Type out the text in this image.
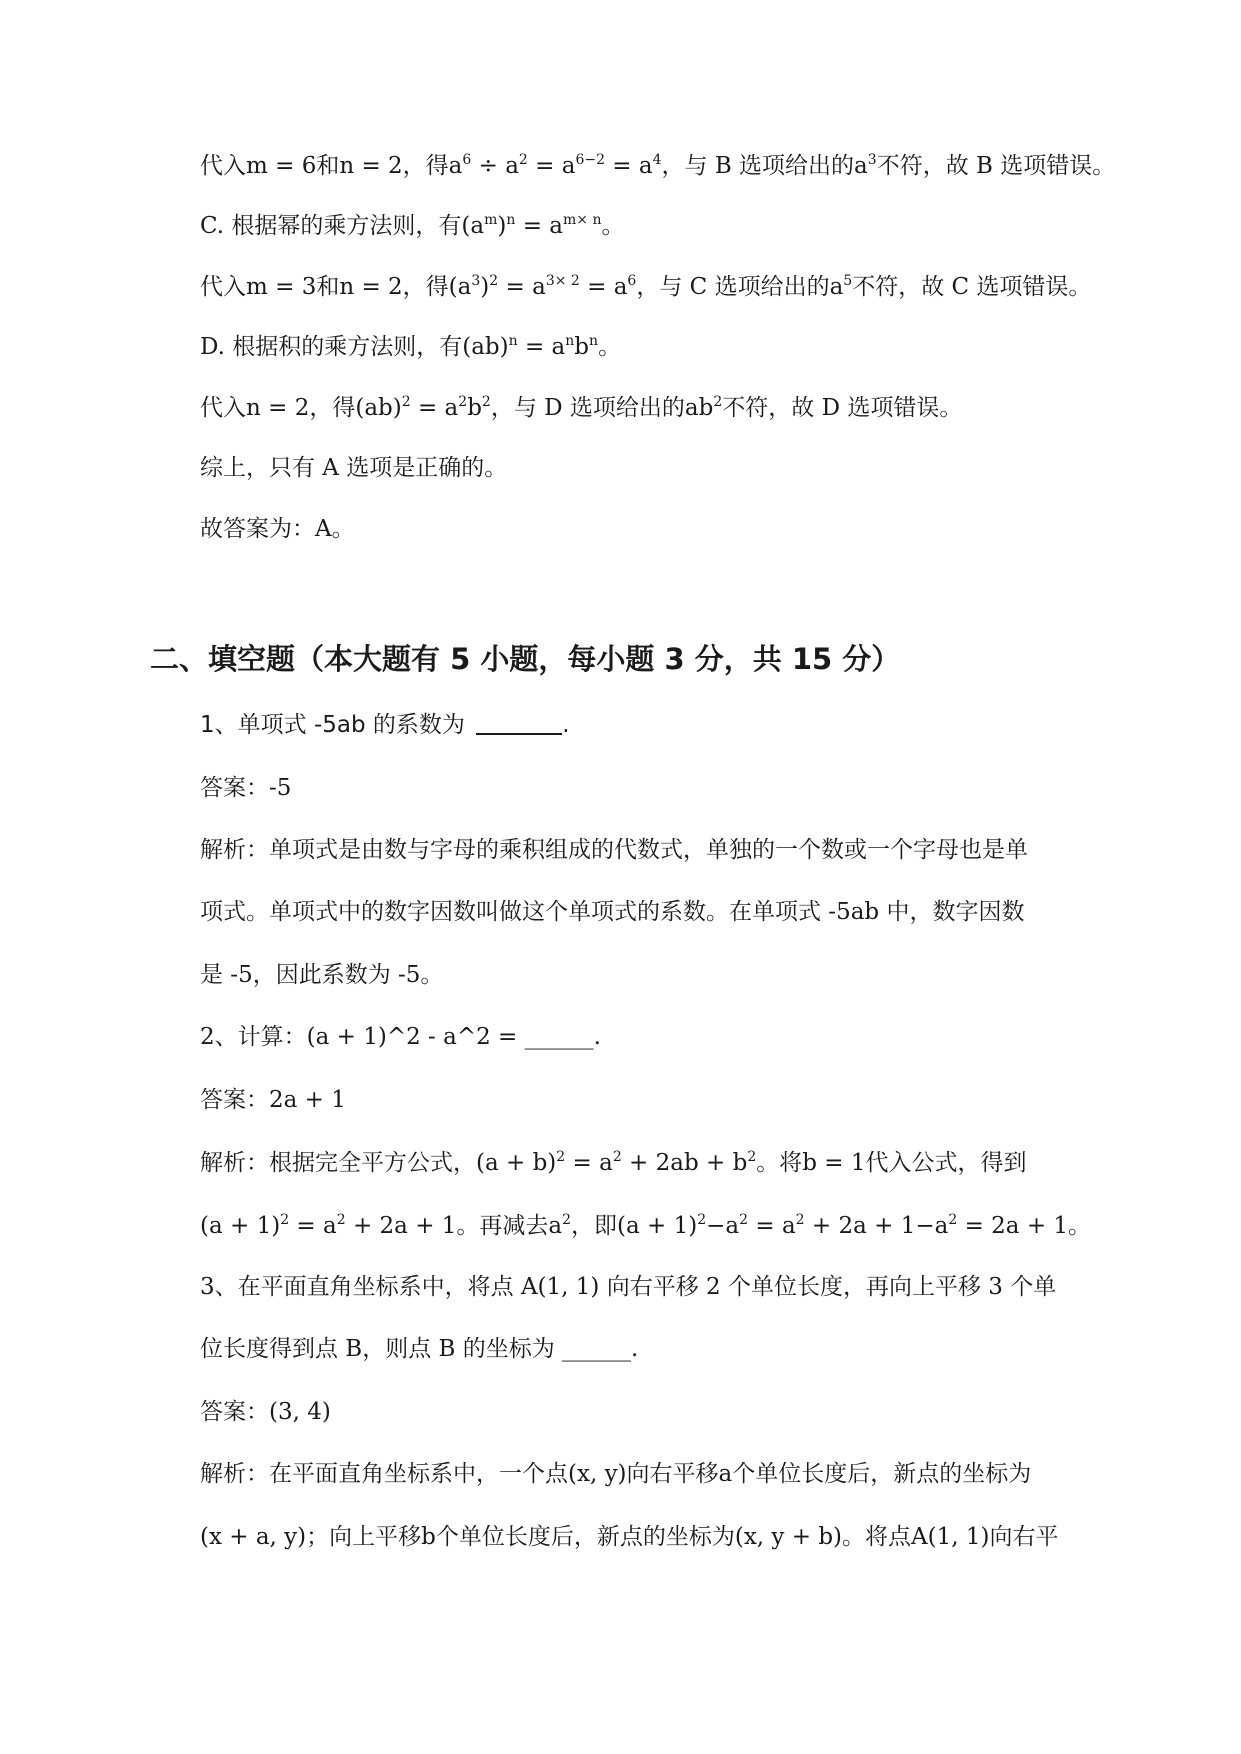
代入m = 6和n = 2，得$a^6 \div a^2 = a^{6-2} = a^4$，与 B 选项给出的$a^3$不符，故 B 选项错误。
C. 根据幂的乘方法则，有$(a^m)^n = a^{m\times n}$。
代入m = 3和n = 2，得$(a^3)^2 = a^{3\times 2} = a^6$，与 C 选项给出的$a^5$不符，故 C 选项错误。
D. 根据积的乘方法则，有$(ab)^n = a^nb^n$。
代入n = 2，得$(ab)^2 = a^2b^2$，与 D 选项给出的$ab^2$不符，故 D 选项错误。
综上，只有 A 选项是正确的。
故答案为：A。
二、填空题（本大题有 5 小题，每小题 3 分，共 15 分）
1、单项式 -5ab 的系数为	.
答案：-5
解析：单项式是由数与字母的乘积组成的代数式，单独的一个数或一个字母也是单
项式。单项式中的数字因数叫做这个单项式的系数。在单项式 -5ab 中，数字因数
是 -5，因此系数为 -5。
2、计算：(a + 1)^2 - a^2 = ______.
答案：2a + 1
解析：根据完全平方公式，$(a + b)^2 = a^2 + 2ab + b^2$。将b = 1代入公式，得到
$(a + 1)^2 = a^2 + 2a + 1$。再减去$a^2$，即$(a + 1)^2-a^2 = a^2 + 2a + 1-a^2 = 2a + 1$。
3、在平面直角坐标系中，将点 A(1, 1) 向右平移 2 个单位长度，再向上平移 3 个单
位长度得到点 B，则点 B 的坐标为 ______.
答案：(3, 4)
解析：在平面直角坐标系中，一个点(x, y)向右平移a个单位长度后，新点的坐标为
(x + a, y)；向上平移b个单位长度后，新点的坐标为(x, y + b)。将点A(1, 1)向右平
